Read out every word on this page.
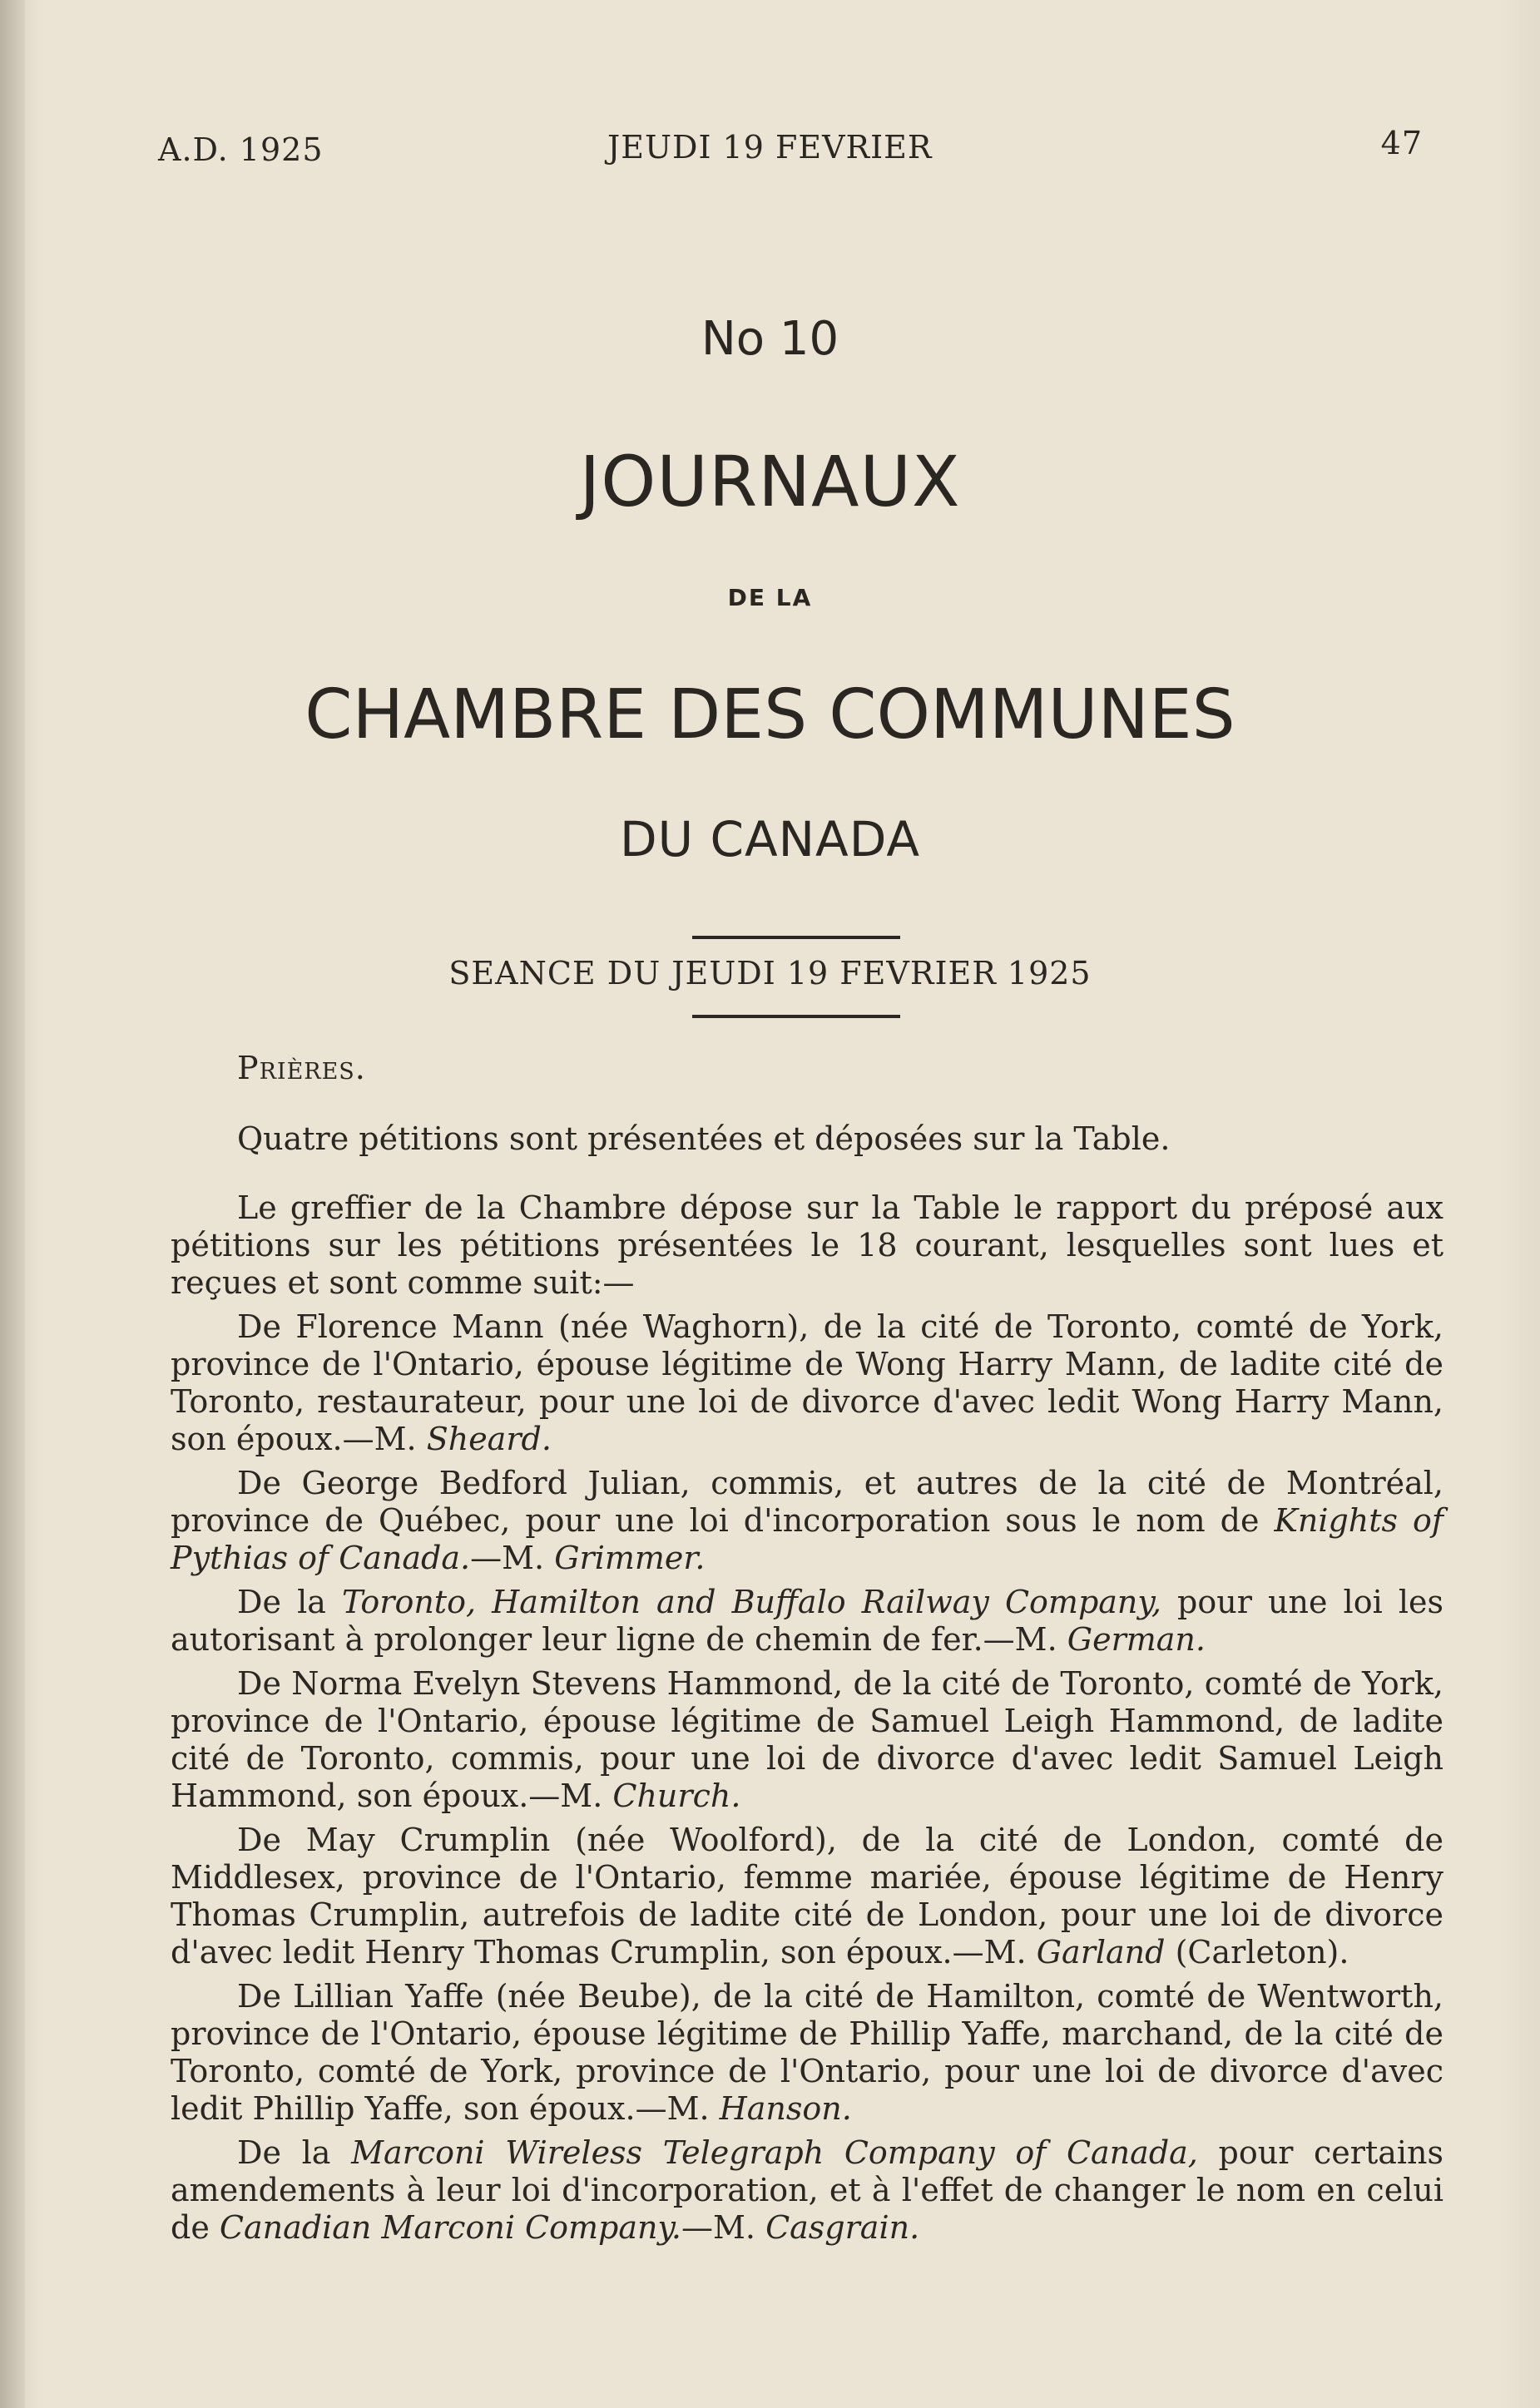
A.D. 1925	JEUDI 19 FEVRIER	47
No 10
JOURNAUX
DE LA
CHAMBRE DES COMMUNES
DU CANADA
SEANCE DU JEUDI 19 FEVRIER 1925

Prières.

Quatre pétitions sont présentées et déposées sur la Table.

Le greffier de la Chambre dépose sur la Table le rapport du préposé aux pétitions sur les pétitions présentées le 18 courant, lesquelles sont lues et reçues et sont comme suit:—

De Florence Mann (née Waghorn), de la cité de Toronto, comté de York, province de l'Ontario, épouse légitime de Wong Harry Mann, de ladite cité de Toronto, restaurateur, pour une loi de divorce d'avec ledit Wong Harry Mann, son époux.—M. Sheard.

De George Bedford Julian, commis, et autres de la cité de Montréal, province de Québec, pour une loi d'incorporation sous le nom de Knights of Pythias of Canada.—M. Grimmer.

De la Toronto, Hamilton and Buffalo Railway Company, pour une loi les autorisant à prolonger leur ligne de chemin de fer.—M. German.

De Norma Evelyn Stevens Hammond, de la cité de Toronto, comté de York, province de l'Ontario, épouse légitime de Samuel Leigh Hammond, de ladite cité de Toronto, commis, pour une loi de divorce d'avec ledit Samuel Leigh Hammond, son époux.—M. Church.

De May Crumplin (née Woolford), de la cité de London, comté de Middlesex, province de l'Ontario, femme mariée, épouse légitime de Henry Thomas Crumplin, autrefois de ladite cité de London, pour une loi de divorce d'avec ledit Henry Thomas Crumplin, son époux.—M. Garland (Carleton).

De Lillian Yaffe (née Beube), de la cité de Hamilton, comté de Wentworth, province de l'Ontario, épouse légitime de Phillip Yaffe, marchand, de la cité de Toronto, comté de York, province de l'Ontario, pour une loi de divorce d'avec ledit Phillip Yaffe, son époux.—M. Hanson.

De la Marconi Wireless Telegraph Company of Canada, pour certains amendements à leur loi d'incorporation, et à l'effet de changer le nom en celui de Canadian Marconi Company.—M. Casgrain.
